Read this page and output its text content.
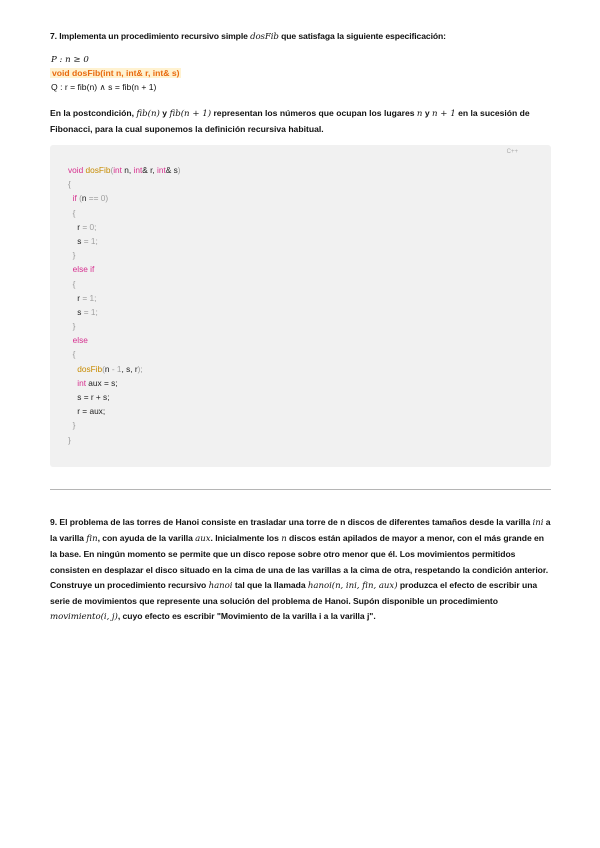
7. Implementa un procedimiento recursivo simple dosFib que satisfaga la siguiente especificación:
P : n ≥ 0
void dosFib(int n, int& r, int& s)
Q : r = fib(n) ∧ s = fib(n + 1)
En la postcondición, fib(n) y fib(n + 1) representan los números que ocupan los lugares n y n + 1 en la sucesión de Fibonacci, para la cual suponemos la definición recursiva habitual.
C++
void dosFib(int n, int& r, int& s)
{
if (n == 0)
{
r = 0;
s = 1;
}
else if
{
r = 1;
s = 1;
}
else
{
dosFib(n - 1, s, r);
int aux = s;
s = r + s;
r = aux;
}
}
9. El problema de las torres de Hanoi consiste en trasladar una torre de n discos de diferentes tamaños desde la varilla ini a la varilla fin, con ayuda de la varilla aux. Inicialmente los n discos están apilados de mayor a menor, con el más grande en la base. En ningún momento se permite que un disco repose sobre otro menor que él. Los movimientos permitidos consisten en desplazar el disco situado en la cima de una de las varillas a la cima de otra, respetando la condición anterior. Construye un procedimiento recursivo hanoi tal que la llamada hanoi(n, ini, fin, aux) produzca el efecto de escribir una serie de movimientos que represente una solución del problema de Hanoi. Supón disponible un procedimiento movimiento(i, j), cuyo efecto es escribir "Movimiento de la varilla i a la varilla j".
